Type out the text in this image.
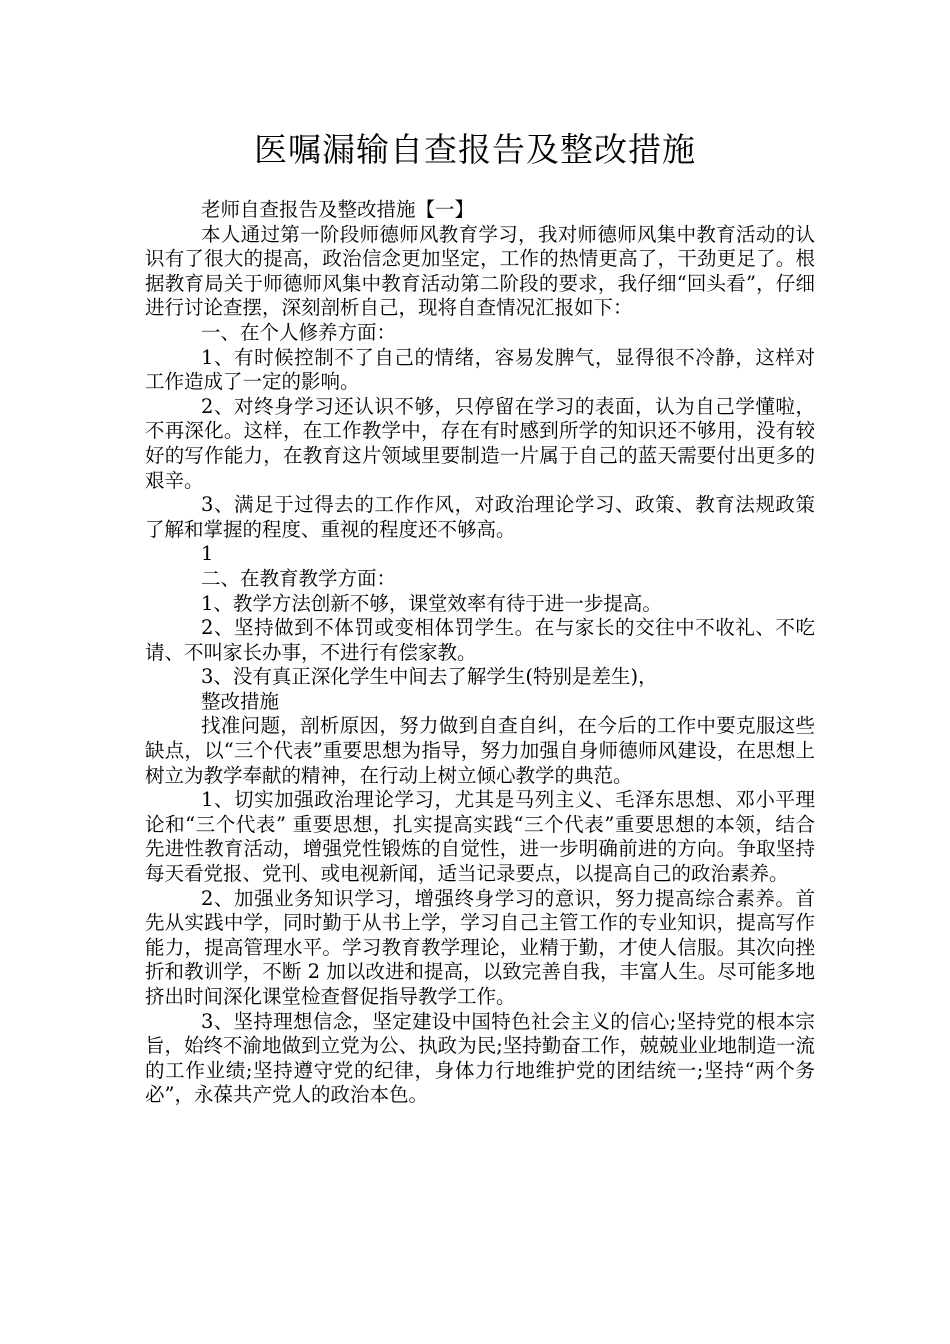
医嘱漏输自查报告及整改措施

老师自查报告及整改措施【一】

本人通过第一阶段师德师风教育学习，我对师德师风集中教育活动的认识有了很大的提高，政治信念更加坚定，工作的热情更高了，干劲更足了。根据教育局关于师德师风集中教育活动第二阶段的要求，我仔细“回头看”，仔细进行讨论查摆，深刻剖析自己，现将自查情况汇报如下：

一、在个人修养方面：

1、有时候控制不了自己的情绪，容易发脾气，显得很不冷静，这样对工作造成了一定的影响。

2、对终身学习还认识不够，只停留在学习的表面，认为自己学懂啦，不再深化。这样，在工作教学中，存在有时感到所学的知识还不够用，没有较好的写作能力，在教育这片领域里要制造一片属于自己的蓝天需要付出更多的艰辛。

3、满足于过得去的工作作风，对政治理论学习、政策、教育法规政策了解和掌握的程度、重视的程度还不够高。

1

二、在教育教学方面：

1、教学方法创新不够，课堂效率有待于进一步提高。

2、坚持做到不体罚或变相体罚学生。在与家长的交往中不收礼、不吃请、不叫家长办事，不进行有偿家教。

3、没有真正深化学生中间去了解学生(特别是差生)，

整改措施

找准问题，剖析原因，努力做到自查自纠，在今后的工作中要克服这些缺点，以“三个代表”重要思想为指导，努力加强自身师德师风建设，在思想上树立为教学奉献的精神，在行动上树立倾心教学的典范。

1、切实加强政治理论学习，尤其是马列主义、毛泽东思想、邓小平理论和“三个代表” 重要思想，扎实提高实践“三个代表”重要思想的本领，结合先进性教育活动，增强党性锻炼的自觉性，进一步明确前进的方向。争取坚持每天看党报、党刊、或电视新闻，适当记录要点，以提高自己的政治素养。

2、加强业务知识学习，增强终身学习的意识，努力提高综合素养。首先从实践中学，同时勤于从书上学，学习自己主管工作的专业知识，提高写作能力，提高管理水平。学习教育教学理论，业精于勤，才使人信服。其次向挫折和教训学，不断 2 加以改进和提高，以致完善自我，丰富人生。尽可能多地挤出时间深化课堂检查督促指导教学工作。

3、坚持理想信念，坚定建设中国特色社会主义的信心;坚持党的根本宗旨，始终不渝地做到立党为公、执政为民;坚持勤奋工作，兢兢业业地制造一流的工作业绩;坚持遵守党的纪律，身体力行地维护党的团结统一;坚持“两个务必”，永葆共产党人的政治本色。
